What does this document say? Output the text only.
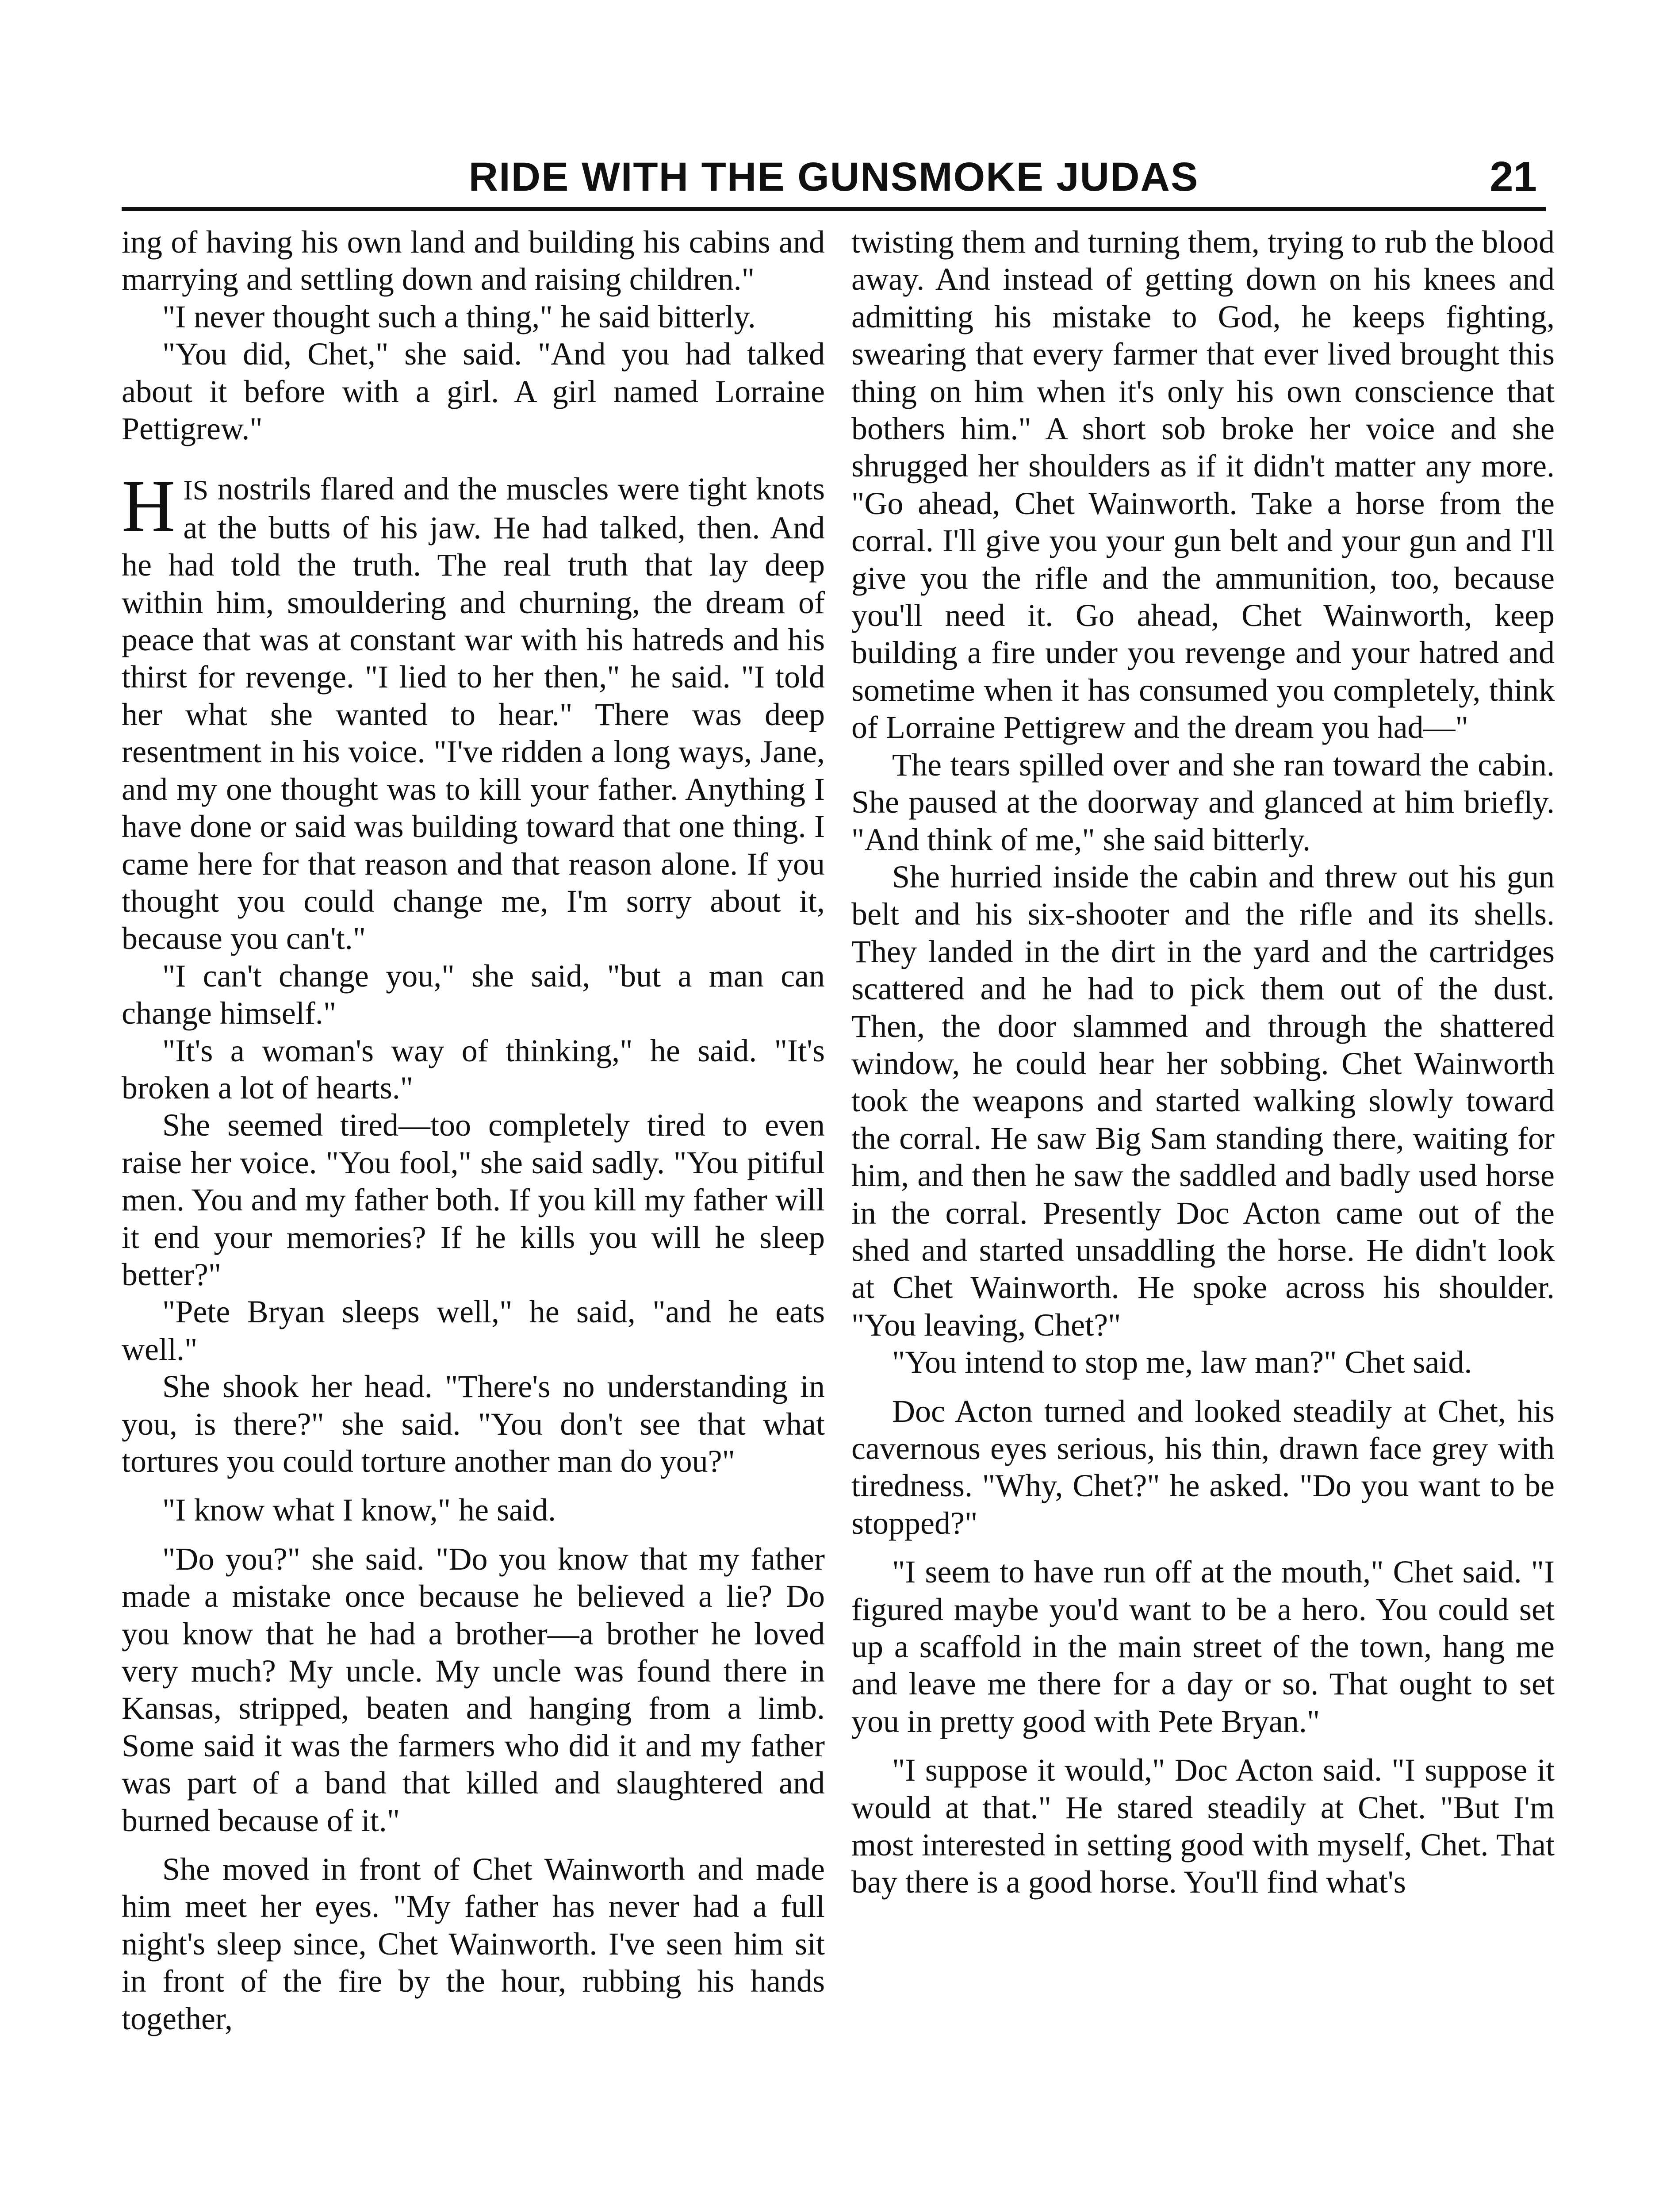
RIDE WITH THE GUNSMOKE JUDAS	21

ing of having his own land and building his cabins and marrying and settling down and raising children."

"I never thought such a thing," he said bitterly.

"You did, Chet," she said. "And you had talked about it before with a girl. A girl named Lorraine Pettigrew."

HIS nostrils flared and the muscles were tight knots at the butts of his jaw. He had talked, then. And he had told the truth. The real truth that lay deep within him, smouldering and churning, the dream of peace that was at constant war with his hatreds and his thirst for revenge. "I lied to her then," he said. "I told her what she wanted to hear." There was deep resentment in his voice. "I've ridden a long ways, Jane, and my one thought was to kill your father. Anything I have done or said was building toward that one thing. I came here for that reason and that reason alone. If you thought you could change me, I'm sorry about it, because you can't."

"I can't change you," she said, "but a man can change himself."

"It's a woman's way of thinking," he said. "It's broken a lot of hearts."

She seemed tired—too completely tired to even raise her voice. "You fool," she said sadly. "You pitiful men. You and my father both. If you kill my father will it end your memories? If he kills you will he sleep better?"

"Pete Bryan sleeps well," he said, "and he eats well."

She shook her head. "There's no understanding in you, is there?" she said. "You don't see that what tortures you could torture another man do you?"

"I know what I know," he said.

"Do you?" she said. "Do you know that my father made a mistake once because he believed a lie? Do you know that he had a brother—a brother he loved very much? My uncle. My uncle was found there in Kansas, stripped, beaten and hanging from a limb. Some said it was the farmers who did it and my father was part of a band that killed and slaughtered and burned because of it."

She moved in front of Chet Wainworth and made him meet her eyes. "My father has never had a full night's sleep since, Chet Wainworth. I've seen him sit in front of the fire by the hour, rubbing his hands together,

twisting them and turning them, trying to rub the blood away. And instead of getting down on his knees and admitting his mistake to God, he keeps fighting, swearing that every farmer that ever lived brought this thing on him when it's only his own conscience that bothers him." A short sob broke her voice and she shrugged her shoulders as if it didn't matter any more. "Go ahead, Chet Wainworth. Take a horse from the corral. I'll give you your gun belt and your gun and I'll give you the rifle and the ammunition, too, because you'll need it. Go ahead, Chet Wainworth, keep building a fire under you revenge and your hatred and sometime when it has consumed you completely, think of Lorraine Pettigrew and the dream you had—"

The tears spilled over and she ran toward the cabin. She paused at the doorway and glanced at him briefly. "And think of me," she said bitterly.

She hurried inside the cabin and threw out his gun belt and his six-shooter and the rifle and its shells. They landed in the dirt in the yard and the cartridges scattered and he had to pick them out of the dust. Then, the door slammed and through the shattered window, he could hear her sobbing. Chet Wainworth took the weapons and started walking slowly toward the corral. He saw Big Sam standing there, waiting for him, and then he saw the saddled and badly used horse in the corral. Presently Doc Acton came out of the shed and started unsaddling the horse. He didn't look at Chet Wainworth. He spoke across his shoulder. "You leaving, Chet?"

"You intend to stop me, law man?" Chet said.

Doc Acton turned and looked steadily at Chet, his cavernous eyes serious, his thin, drawn face grey with tiredness. "Why, Chet?" he asked. "Do you want to be stopped?"

"I seem to have run off at the mouth," Chet said. "I figured maybe you'd want to be a hero. You could set up a scaffold in the main street of the town, hang me and leave me there for a day or so. That ought to set you in pretty good with Pete Bryan."

"I suppose it would," Doc Acton said. "I suppose it would at that." He stared steadily at Chet. "But I'm most interested in setting good with myself, Chet. That bay there is a good horse. You'll find what's
